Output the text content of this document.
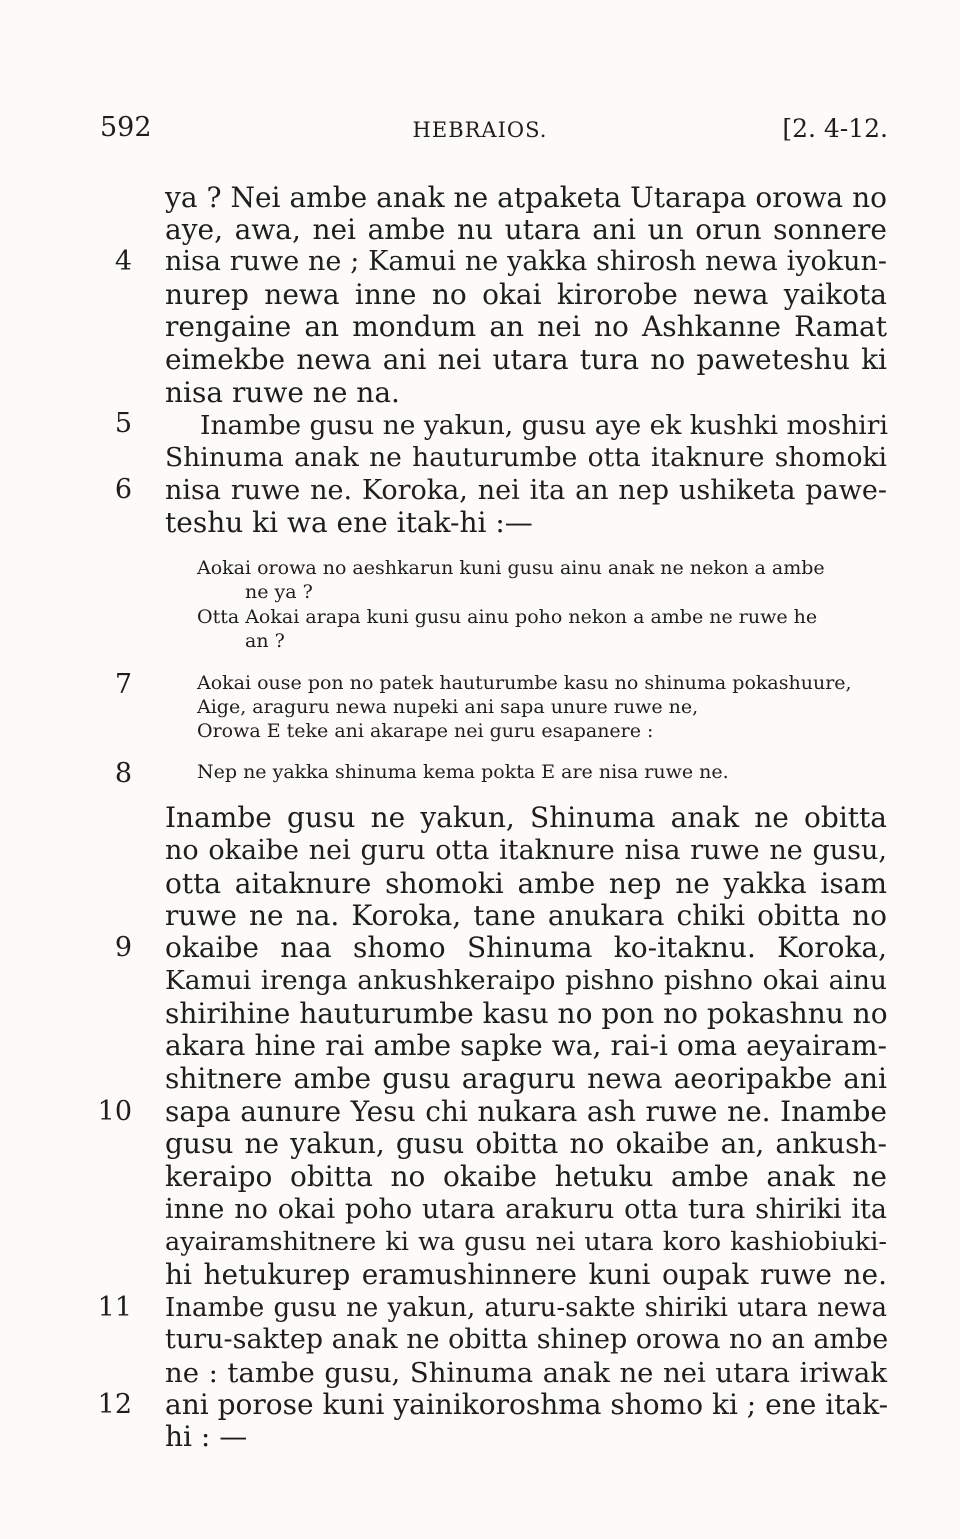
592	HEBRAIOS.	[2. 4-12.
4
5
6
7
8
9
10
11
12
ya ? Nei ambe anak ne atpaketa Utarapa orowa no
aye, awa, nei ambe nu utara ani un orun sonnere
nisa ruwe ne ; Kamui ne yakka shirosh newa iyokun-
nurep newa inne no okai kirorobe newa yaikota
rengaine an mondum an nei no Ashkanne Ramat
eimekbe newa ani nei utara tura no paweteshu ki
nisa ruwe ne na.
Inambe gusu ne yakun, gusu aye ek kushki moshiri
Shinuma anak ne hauturumbe otta itaknure shomoki
nisa ruwe ne. Koroka, nei ita an nep ushiketa pawe-
teshu ki wa ene itak-hi :—
Aokai orowa no aeshkarun kuni gusu ainu anak ne nekon a ambe
ne ya ?
Otta Aokai arapa kuni gusu ainu poho nekon a ambe ne ruwe he
an ?
Aokai ouse pon no patek hauturumbe kasu no shinuma pokashuure,
Aige, araguru newa nupeki ani sapa unure ruwe ne,
Orowa E teke ani akarape nei guru esapanere :
Nep ne yakka shinuma kema pokta E are nisa ruwe ne.
Inambe gusu ne yakun, Shinuma anak ne obitta
no okaibe nei guru otta itaknure nisa ruwe ne gusu,
otta aitaknure shomoki ambe nep ne yakka isam
ruwe ne na. Koroka, tane anukara chiki obitta no
okaibe naa shomo Shinuma ko-itaknu. Koroka,
Kamui irenga ankushkeraipo pishno pishno okai ainu
shirihine hauturumbe kasu no pon no pokashnu no
akara hine rai ambe sapke wa, rai-i oma aeyairam-
shitnere ambe gusu araguru newa aeoripakbe ani
sapa aunure Yesu chi nukara ash ruwe ne. Inambe
gusu ne yakun, gusu obitta no okaibe an, ankush-
keraipo obitta no okaibe hetuku ambe anak ne
inne no okai poho utara arakuru otta tura shiriki ita
ayairamshitnere ki wa gusu nei utara koro kashiobiuki-
hi hetukurep eramushinnere kuni oupak ruwe ne.
Inambe gusu ne yakun, aturu-sakte shiriki utara newa
turu-saktep anak ne obitta shinep orowa no an ambe
ne : tambe gusu, Shinuma anak ne nei utara iriwak
ani porose kuni yainikoroshma shomo ki ; ene itak-
hi : —
